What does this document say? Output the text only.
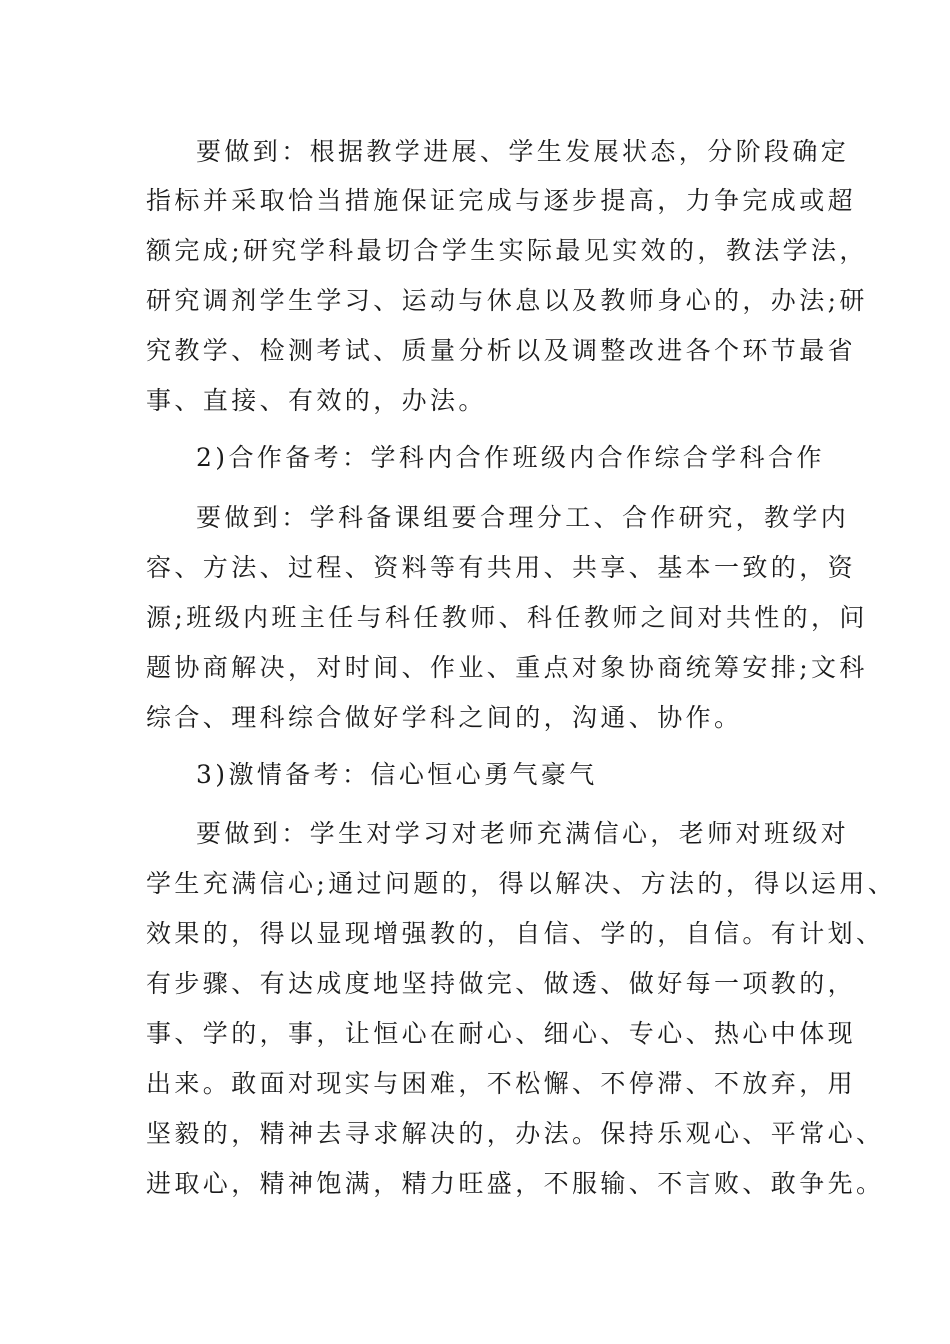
要做到：根据教学进展、学生发展状态，分阶段确定
指标并采取恰当措施保证完成与逐步提高，力争完成或超
额完成;研究学科最切合学生实际最见实效的，教法学法，
研究调剂学生学习、运动与休息以及教师身心的，办法;研
究教学、检测考试、质量分析以及调整改进各个环节最省
事、直接、有效的，办法。
2)合作备考：学科内合作班级内合作综合学科合作
要做到：学科备课组要合理分工、合作研究，教学内
容、方法、过程、资料等有共用、共享、基本一致的，资
源;班级内班主任与科任教师、科任教师之间对共性的，问
题协商解决，对时间、作业、重点对象协商统筹安排;文科
综合、理科综合做好学科之间的，沟通、协作。
3)激情备考：信心恒心勇气豪气
要做到：学生对学习对老师充满信心，老师对班级对
学生充满信心;通过问题的，得以解决、方法的，得以运用、
效果的，得以显现增强教的，自信、学的，自信。有计划、
有步骤、有达成度地坚持做完、做透、做好每一项教的，
事、学的，事，让恒心在耐心、细心、专心、热心中体现
出来。敢面对现实与困难，不松懈、不停滞、不放弃，用
坚毅的，精神去寻求解决的，办法。保持乐观心、平常心、
进取心，精神饱满，精力旺盛，不服输、不言败、敢争先。
